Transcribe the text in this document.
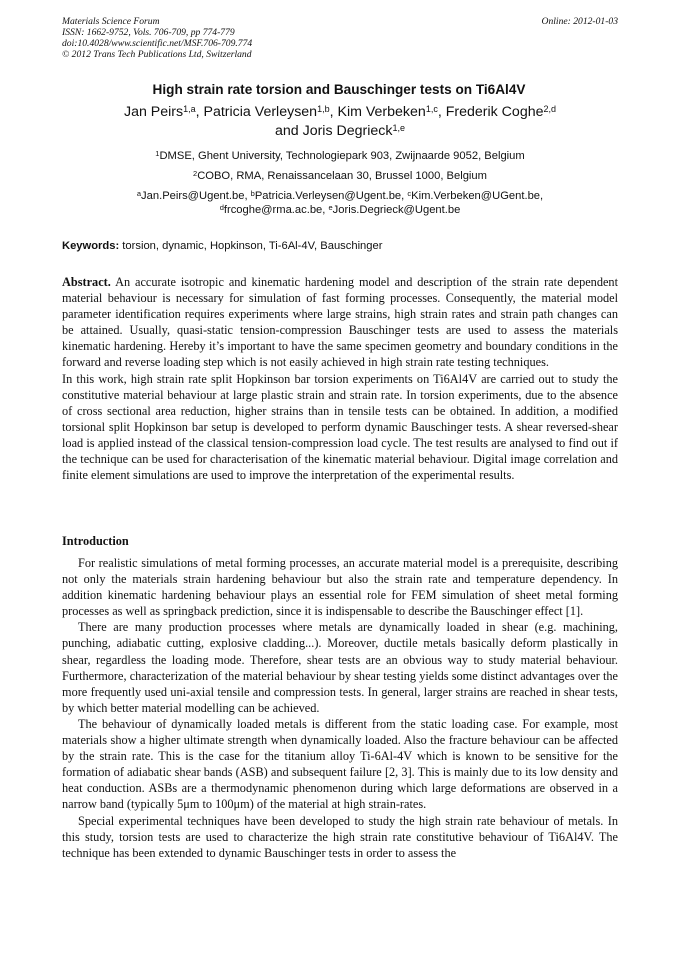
Materials Science Forum
ISSN: 1662-9752, Vols. 706-709, pp 774-779
doi:10.4028/www.scientific.net/MSF.706-709.774
© 2012 Trans Tech Publications Ltd, Switzerland
Online: 2012-01-03
High strain rate torsion and Bauschinger tests on Ti6Al4V
Jan Peirs$^{1,a}$, Patricia Verleysen$^{1,b}$, Kim Verbeken$^{1,c}$, Frederik Coghe$^{2,d}$
and Joris Degrieck$^{1,e}$
$^1$DMSE, Ghent University, Technologiepark 903, Zwijnaarde 9052, Belgium
$^2$COBO, RMA, Renaissancelaan 30, Brussel 1000, Belgium
$^a$Jan.Peirs@Ugent.be, $^b$Patricia.Verleysen@Ugent.be, $^c$Kim.Verbeken@UGent.be,
$^d$frcoghe@rma.ac.be, $^e$Joris.Degrieck@Ugent.be
Keywords: torsion, dynamic, Hopkinson, Ti-6Al-4V, Bauschinger

Abstract. An accurate isotropic and kinematic hardening model and description of the strain rate dependent material behaviour is necessary for simulation of fast forming processes. Consequently, the material model parameter identification requires experiments where large strains, high strain rates and strain path changes can be attained. Usually, quasi-static tension-compression Bauschinger tests are used to assess the materials kinematic hardening. Hereby it’s important to have the same specimen geometry and boundary conditions in the forward and reverse loading step which is not easily achieved in high strain rate testing techniques.

In this work, high strain rate split Hopkinson bar torsion experiments on Ti6Al4V are carried out to study the constitutive material behaviour at large plastic strain and strain rate. In torsion experiments, due to the absence of cross sectional area reduction, higher strains than in tensile tests can be obtained. In addition, a modified torsional split Hopkinson bar setup is developed to perform dynamic Bauschinger tests. A shear reversed-shear load is applied instead of the classical tension-compression load cycle. The test results are analysed to find out if the technique can be used for characterisation of the kinematic material behaviour. Digital image correlation and finite element simulations are used to improve the interpretation of the experimental results.

Introduction

For realistic simulations of metal forming processes, an accurate material model is a prerequisite, describing not only the materials strain hardening behaviour but also the strain rate and temperature dependency. In addition kinematic hardening behaviour plays an essential role for FEM simulation of sheet metal forming processes as well as springback prediction, since it is indispensable to describe the Bauschinger effect [1].

There are many production processes where metals are dynamically loaded in shear (e.g. machining, punching, adiabatic cutting, explosive cladding...). Moreover, ductile metals basically deform plastically in shear, regardless the loading mode. Therefore, shear tests are an obvious way to study material behaviour. Furthermore, characterization of the material behaviour by shear testing yields some distinct advantages over the more frequently used uni-axial tensile and compression tests. In general, larger strains are reached in shear tests, by which better material modelling can be achieved.

The behaviour of dynamically loaded metals is different from the static loading case. For example, most materials show a higher ultimate strength when dynamically loaded. Also the fracture behaviour can be affected by the strain rate. This is the case for the titanium alloy Ti-6Al-4V which is known to be sensitive for the formation of adiabatic shear bands (ASB) and subsequent failure [2, 3]. This is mainly due to its low density and heat conduction. ASBs are a thermodynamic phenomenon during which large deformations are observed in a narrow band (typically 5μm to 100μm) of the material at high strain-rates.

Special experimental techniques have been developed to study the high strain rate behaviour of metals. In this study, torsion tests are used to characterize the high strain rate constitutive behaviour of Ti6Al4V. The technique has been extended to dynamic Bauschinger tests in order to assess the
